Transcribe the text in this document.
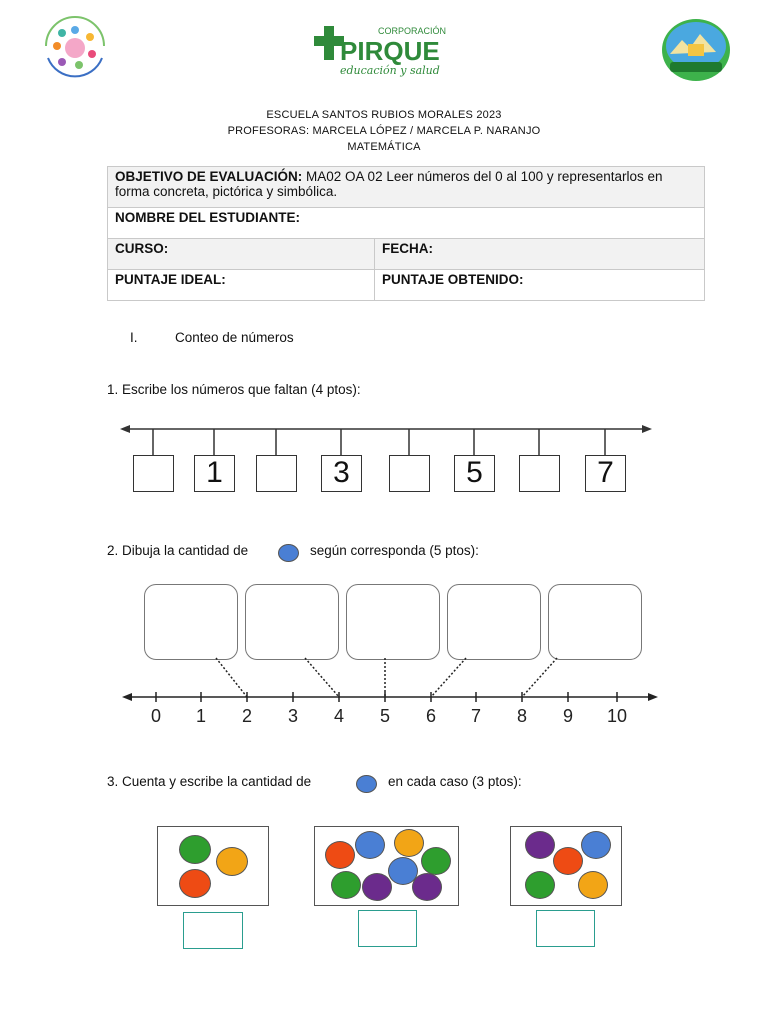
CORPORACIÓN
PIRQUE
educación y salud
ESCUELA SANTOS RUBIOS MORALES 2023
PROFESORAS: MARCELA LÓPEZ / MARCELA P. NARANJO
MATEMÁTICA
OBJETIVO DE EVALUACIÓN: MA02 OA 02 Leer números del 0 al 100 y representarlos en forma concreta, pictórica y simbólica.	
NOMBRE DEL ESTUDIANTE:	
CURSO:	FECHA:
PUNTAJE IDEAL:	PUNTAJE OBTENIDO:
I.	Conteo de números
1. Escribe los números que faltan (4 ptos):
1	3	5	7
2. Dibuja la cantidad de	según corresponda (5 ptos):
0	1	2	3	4	5	6	7	8	9	10
3. Cuenta y escribe la cantidad de	en cada caso (3 ptos):
